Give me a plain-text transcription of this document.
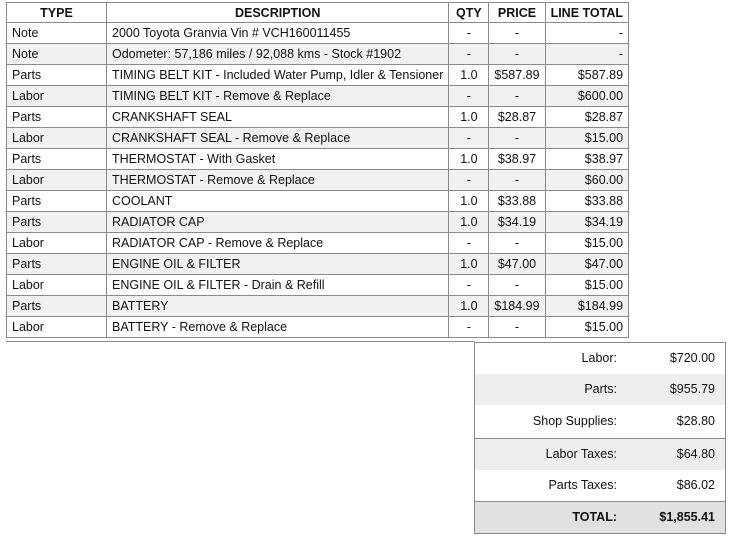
TYPE	DESCRIPTION	QTY	PRICE	LINE TOTAL
Note	2000 Toyota Granvia Vin # VCH160011455	-	-	-
Note	Odometer: 57,186 miles / 92,088 kms - Stock #1902	-	-	-
Parts	TIMING BELT KIT - Included Water Pump, Idler & Tensioner	1.0	$587.89	$587.89
Labor	TIMING BELT KIT - Remove & Replace	-	-	$600.00
Parts	CRANKSHAFT SEAL	1.0	$28.87	$28.87
Labor	CRANKSHAFT SEAL - Remove & Replace	-	-	$15.00
Parts	THERMOSTAT - With Gasket	1.0	$38.97	$38.97
Labor	THERMOSTAT - Remove & Replace	-	-	$60.00
Parts	COOLANT	1.0	$33.88	$33.88
Parts	RADIATOR CAP	1.0	$34.19	$34.19
Labor	RADIATOR CAP - Remove & Replace	-	-	$15.00
Parts	ENGINE OIL & FILTER	1.0	$47.00	$47.00
Labor	ENGINE OIL & FILTER - Drain & Refill	-	-	$15.00
Parts	BATTERY	1.0	$184.99	$184.99
Labor	BATTERY - Remove & Replace	-	-	$15.00
Labor:	$720.00
Parts:	$955.79
Shop Supplies:	$28.80
Labor Taxes:	$64.80
Parts Taxes:	$86.02
TOTAL:	$1,855.41
